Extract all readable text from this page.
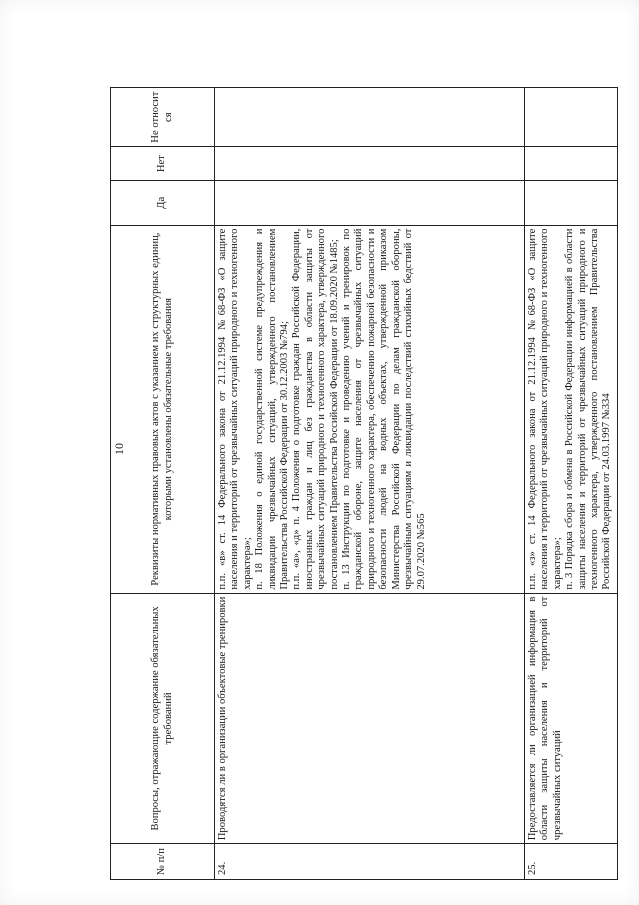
10
№ п/п	Вопросы, отражающие содержание обязательных требований	Реквизиты нормативных правовых актов с указанием их структурных единиц, которыми установлены обязательные требования	Да	Нет	Не относит ся
24.	Проводятся ли в организации объектовые тренировки	п.п. «в» ст. 14 Федерального закона от 21.12.1994 №68-ФЗ «О защите населения и территорий от чрезвычайных ситуаций природного и техногенного характера»; п. 18 Положения о единой государственной системе предупреждения и ликвидации чрезвычайных ситуаций, утвержденного постановлением Правительства Российской Федерации от 30.12.2003 №794; п.п. «а», «д» п. 4 Положения о подготовке граждан Российской Федерации, иностранных граждан и лиц без гражданства в области защиты от чрезвычайных ситуаций природного и техногенного характера, утвержденного постановлением Правительства Российской Федерации от 18.09.2020 №1485; п. 13 Инструкции по подготовке и проведению учений и тренировок по гражданской обороне, защите населения от чрезвычайных ситуаций природного и техногенного характера, обеспечению пожарной безопасности и безопасности людей на водных объектах, утвержденной приказом Министерства Российской Федерации по делам гражданской обороны, чрезвычайным ситуациям и ликвидации последствий стихийных бедствий от 29.07.2020 №565			

25.	Предоставляется ли организацией информация в области защиты населения и территорий от чрезвычайных ситуаций	п.п. «з» ст. 14 Федерального закона от 21.12.1994 №68-ФЗ «О защите населения и территорий от чрезвычайных ситуаций природного и техногенного характера»; п. 3 Порядка сбора и обмена в Российской Федерации информацией в области защиты населения и территорий от чрезвычайных ситуаций природного и техногенного характера, утвержденного постановлением Правительства Российской Федерации от 24.03.1997 №334			
